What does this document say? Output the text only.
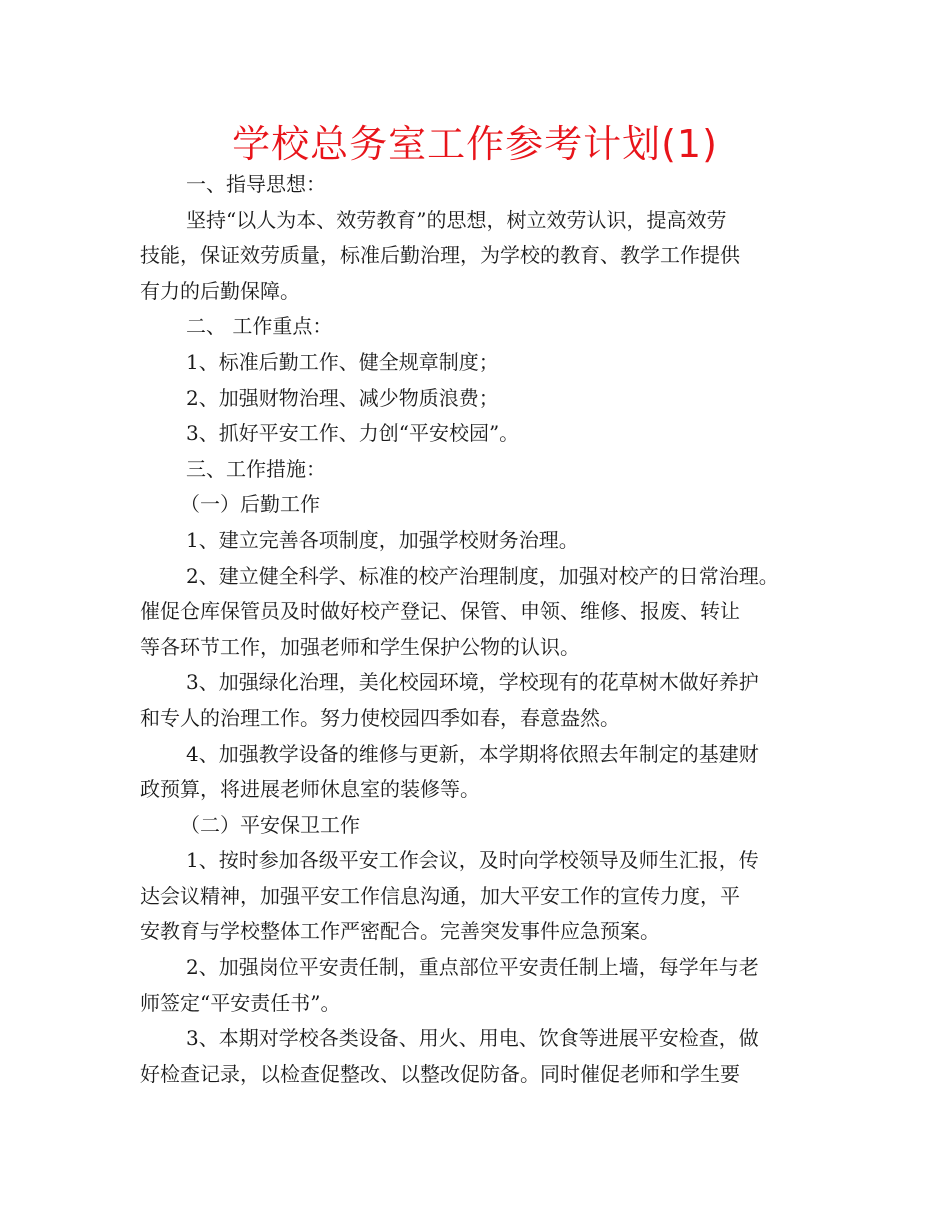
学校总务室工作参考计划(1)
一、指导思想：
坚持“以人为本、效劳教育”的思想，树立效劳认识，提高效劳
技能，保证效劳质量，标准后勤治理，为学校的教育、教学工作提供
有力的后勤保障。
二、 工作重点：
1、标准后勤工作、健全规章制度；
2、加强财物治理、减少物质浪费；
3、抓好平安工作、力创“平安校园”。
三、工作措施：
（一）后勤工作
1、建立完善各项制度，加强学校财务治理。
2、建立健全科学、标准的校产治理制度，加强对校产的日常治理。
催促仓库保管员及时做好校产登记、保管、申领、维修、报废、转让
等各环节工作，加强老师和学生保护公物的认识。
3、加强绿化治理，美化校园环境，学校现有的花草树木做好养护
和专人的治理工作。努力使校园四季如春，春意盎然。
4、加强教学设备的维修与更新，本学期将依照去年制定的基建财
政预算，将进展老师休息室的装修等。
（二）平安保卫工作
1、按时参加各级平安工作会议，及时向学校领导及师生汇报，传
达会议精神，加强平安工作信息沟通，加大平安工作的宣传力度，平
安教育与学校整体工作严密配合。完善突发事件应急预案。
2、加强岗位平安责任制，重点部位平安责任制上墙，每学年与老
师签定“平安责任书”。
3、本期对学校各类设备、用火、用电、饮食等进展平安检查，做
好检查记录，以检查促整改、以整改促防备。同时催促老师和学生要
